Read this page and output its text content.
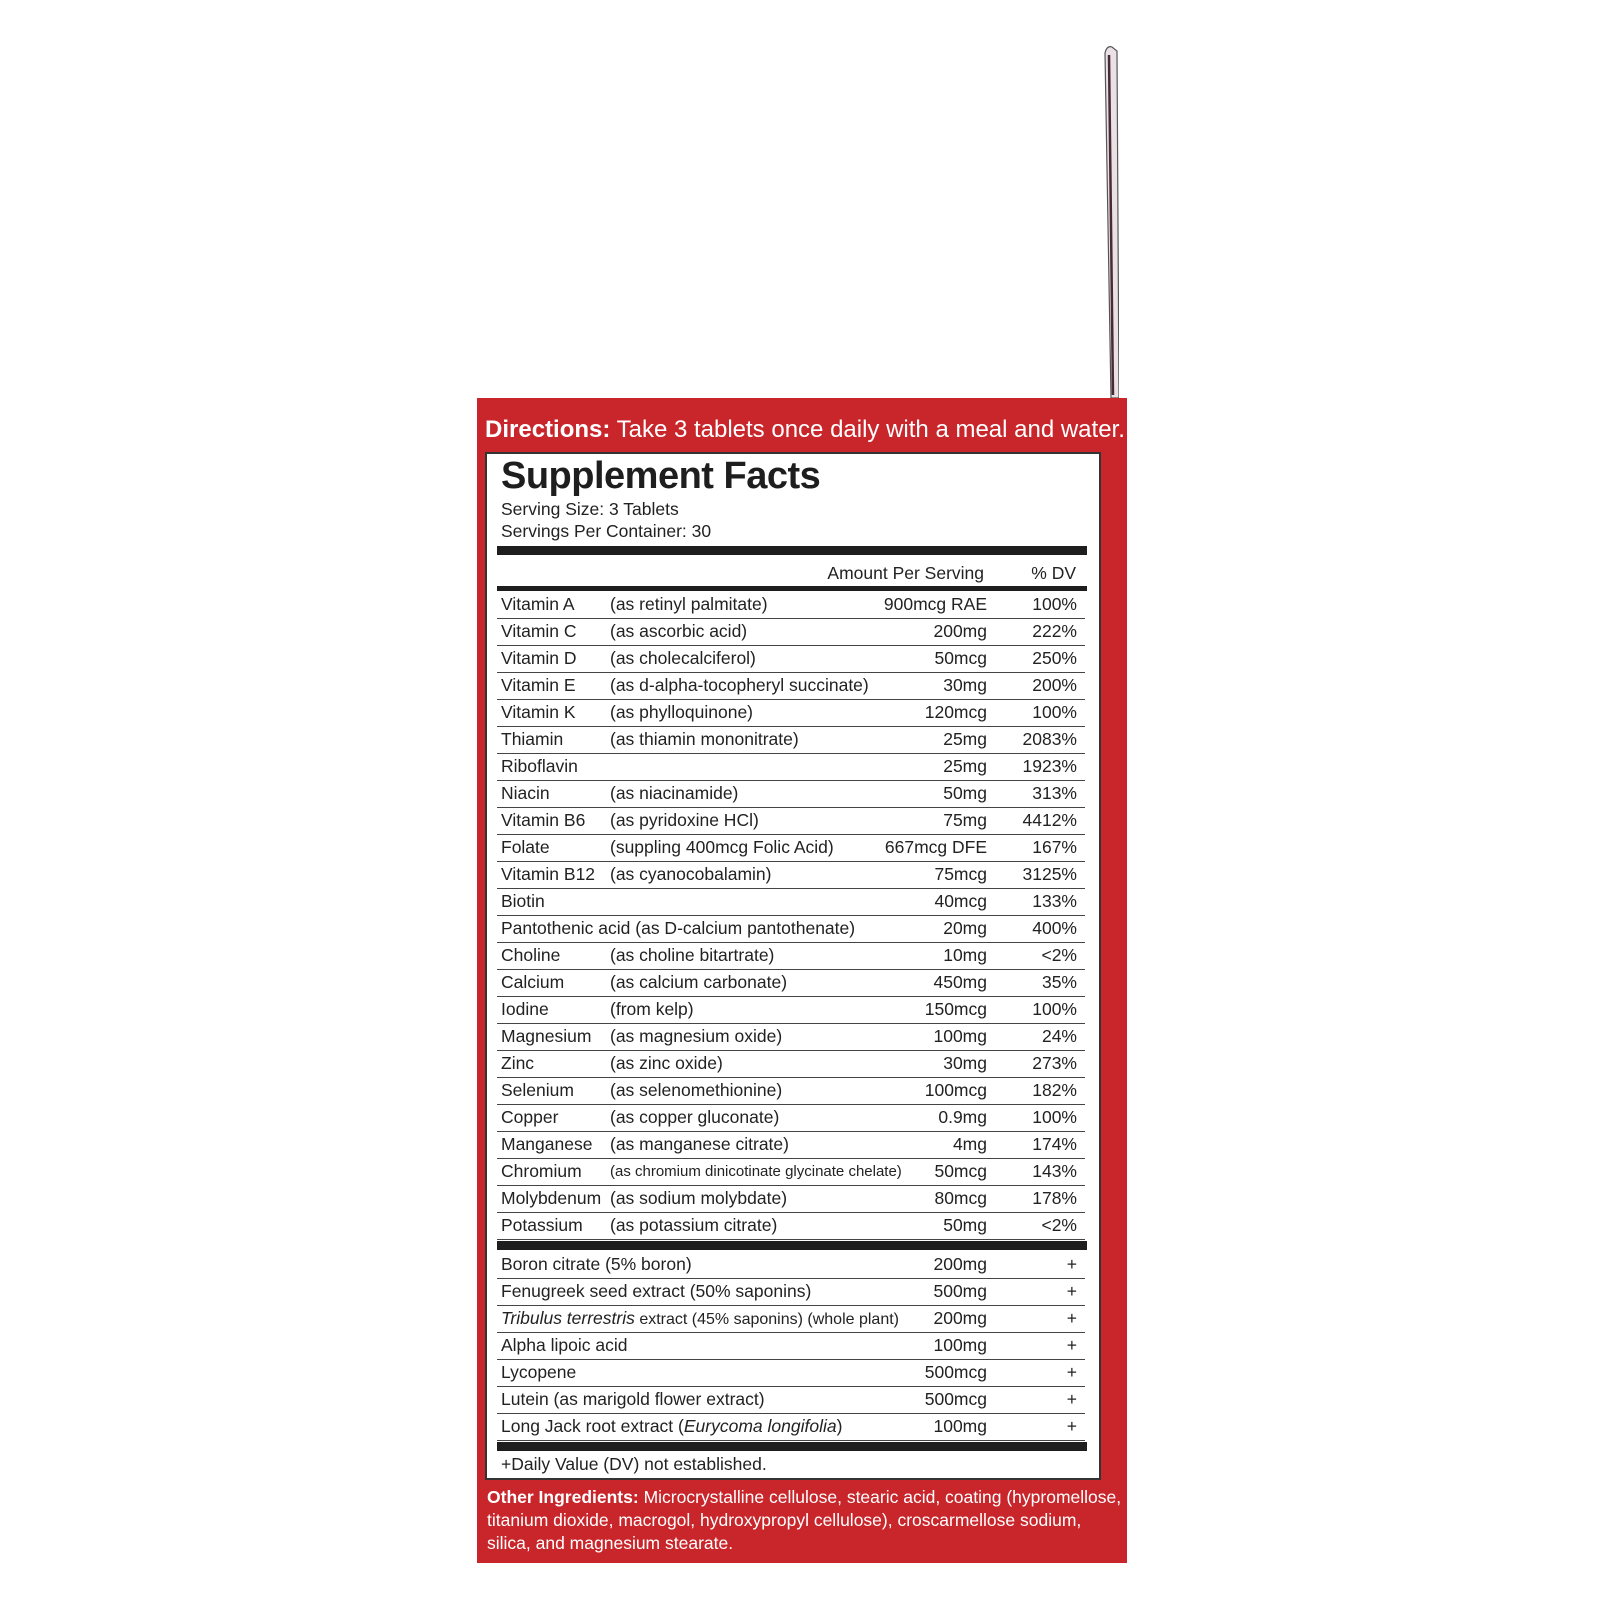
Directions: Take 3 tablets once daily with a meal and water.
Supplement Facts
Serving Size: 3 Tablets
Servings Per Container: 30
Amount Per Serving	% DV
Vitamin A (as retinyl palmitate)	900mcg RAE	100%
Vitamin C (as ascorbic acid)	200mg	222%
Vitamin D (as cholecalciferol)	50mcg	250%
Vitamin E (as d-alpha-tocopheryl succinate)	30mg	200%
Vitamin K (as phylloquinone)	120mcg	100%
Thiamin	(as thiamin mononitrate)	25mg 2083%
Riboflavin	25mg 1923%
Niacin	(as niacinamide)	50mg	313%
Vitamin B6 (as pyridoxine HCl)	75mg 4412%
Folate	(suppling 400mcg Folic Acid)	667mcg DFE	167%
Vitamin B12 (as cyanocobalamin)	75mcg 3125%
Biotin	40mcg	133%
Pantothenic acid (as D-calcium pantothenate)	20mg	400%
Choline	(as choline bitartrate)	10mg	<2%
Calcium	(as calcium carbonate)	450mg	35%
Iodine	(from kelp)	150mcg	100%
Magnesium (as magnesium oxide)	100mg	24%
Zinc	(as zinc oxide)	30mg	273%
Selenium (as selenomethionine)	100mcg	182%
Copper	(as copper gluconate)	0.9mg	100%
Manganese (as manganese citrate)	4mg	174%
Chromium (as chromium dinicotinate glycinate chelate) 50mcg	143%
Molybdenum (as sodium molybdate)	80mcg	178%
Potassium (as potassium citrate)	50mg	<2%
Boron citrate (5% boron)	200mg	+
Fenugreek seed extract (50% saponins)	500mg	+
Tribulus terrestris extract (45% saponins) (whole plant) 200mg	+
Alpha lipoic acid	100mg	+
Lycopene	500mcg	+
Lutein (as marigold flower extract)	500mcg	+
Long Jack root extract (Eurycoma longifolia)	100mg	+
+Daily Value (DV) not established.
Other Ingredients: Microcrystalline cellulose, stearic acid, coating (hypromellose, titanium dioxide, macrogol, hydroxypropyl cellulose), croscarmellose sodium, silica, and magnesium stearate.
